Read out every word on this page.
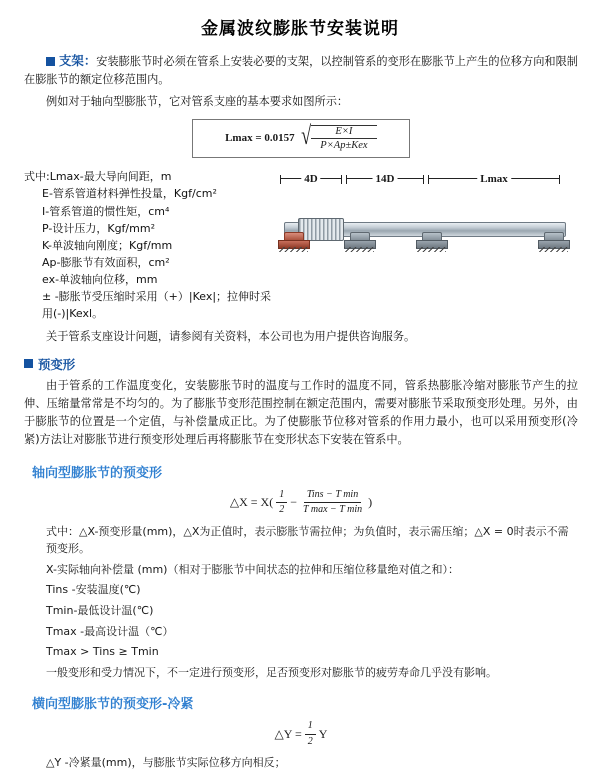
金属波纹膨胀节安装说明
支架：安装膨胀节时必须在管系上安装必要的支架，以控制管系的变形在膨胀节上产生的位移方向和限制在膨胀节的额定位移范围内。
例如对于轴向型膨胀节，它对管系支座的基本要求如图所示：
Lmax = 0.0157 √ $\frac{E\times I}{\text{P×Ap±Kex}}$
式中:Lmax-最大导向间距，m
E-管系管道材料弹性投量，Kgf/cm²
I-管系管道的惯性矩，cm⁴
P-设计压力，Kgf/mm²
K-单波轴向刚度；Kgf/mm
Ap-膨胀节有效面积，cm²
ex-单波轴向位移，mm
± -膨胀节受压缩时采用（+）|Kex|；拉伸时采用(-)|Kexl。
4D	14D	Lmax
关于管系支座设计问题，请参阅有关资料，本公司也为用户提供咨询服务。
预变形
由于管系的工作温度变化，安装膨胀节时的温度与工作时的温度不同，管系热膨胀冷缩对膨胀节产生的拉伸、压缩量常常是不均匀的。为了膨胀节变形范围控制在额定范围内，需要对膨胀节采取预变形处理。另外，由于膨胀节的位置是一个定值，与补偿量成正比。为了使膨胀节位移对管系的作用力最小，也可以采用预变形(冷紧)方法让对膨胀节进行预变形处理后再将膨胀节在变形状态下安装在管系中。
轴向型膨胀节的预变形
△X = $X( \frac{1}{2}$ −
Tins − T min
T max − T min
)
式中：△X-预变形量(mm)，△X为正值时，表示膨胀节需拉伸；为负值时，表示需压缩；△X = 0时表示不需预变形。
X-实际轴向补偿量 (mm)（相对于膨胀节中间状态的拉伸和压缩位移量绝对值之和）：
Tins -安装温度(℃)
Tmin-最低设计温(℃)
Tmax -最高设计温（℃）
Tmax > Tins ≥ Tmin
一般变形和受力情况下，不一定进行预变形，足否预变形对膨胀节的疲劳寿命几乎没有影响。
横向型膨胀节的预变形-冷紧
△Y = $\frac{1}{2}$ Y
△Y -冷紧量(mm)，与膨胀节实际位移方向相反；
